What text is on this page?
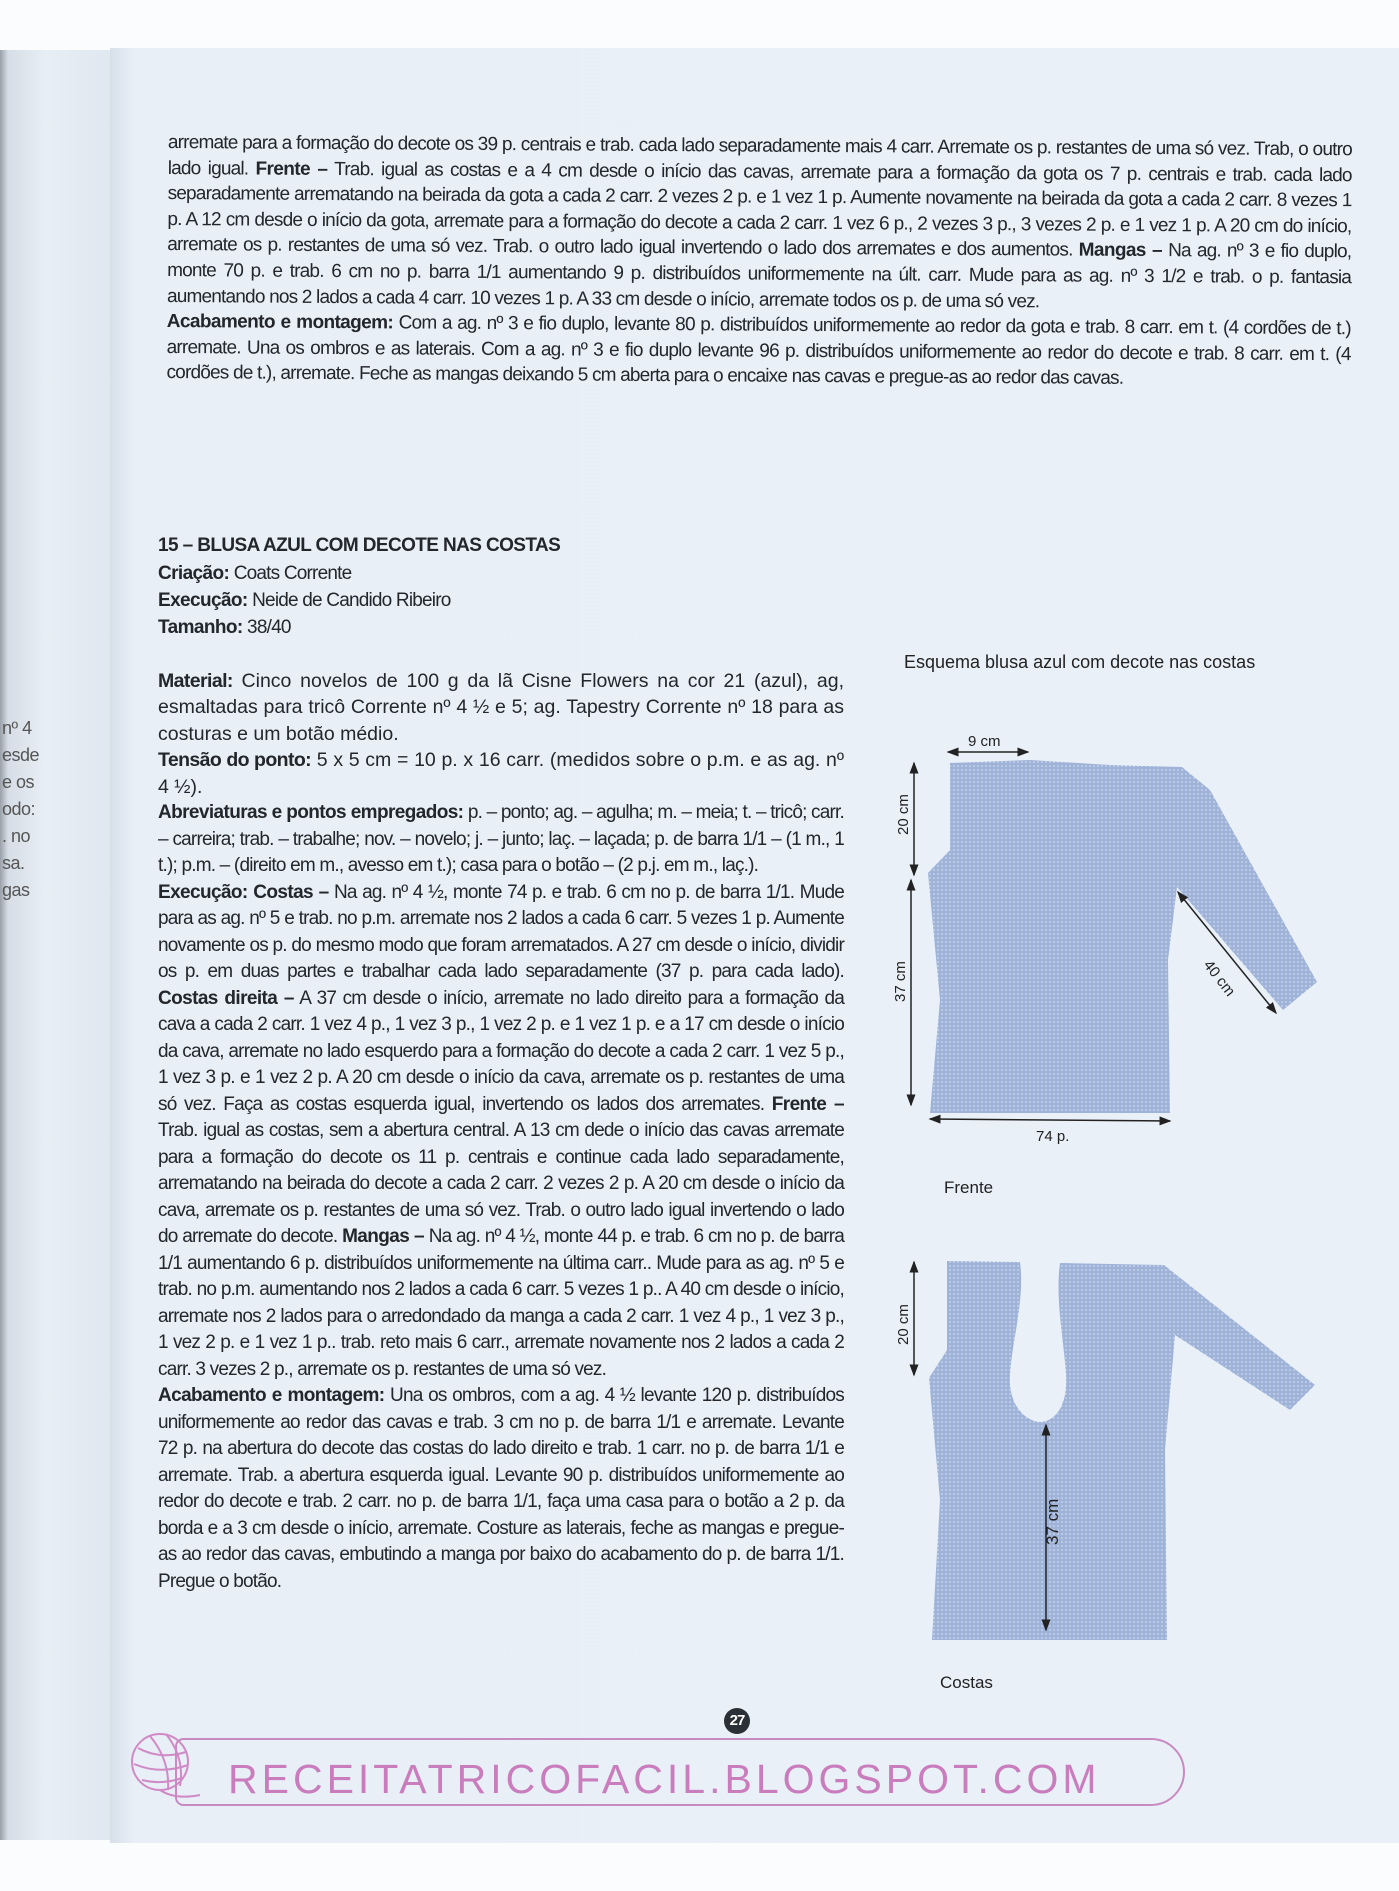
nº 4
esde
e os
odo:
. no
sa.
gas

arremate para a formação do decote os 39 p. centrais e trab. cada lado separadamente mais 4 carr. Arremate os p. restantes de uma só vez. Trab, o outro lado igual. Frente – Trab. igual as costas e a 4 cm desde o início das cavas, arremate para a formação da gota os 7 p. centrais e trab. cada lado separadamente arrematando na beirada da gota a cada 2 carr. 2 vezes 2 p. e 1 vez 1 p. Aumente novamente na beirada da gota a cada 2 carr. 8 vezes 1 p. A 12 cm desde o início da gota, arremate para a formação do decote a cada 2 carr. 1 vez 6 p., 2 vezes 3 p., 3 vezes 2 p. e 1 vez 1 p. A 20 cm do início, arremate os p. restantes de uma só vez. Trab. o outro lado igual invertendo o lado dos arremates e dos aumentos. Mangas – Na ag. nº 3 e fio duplo, monte 70 p. e trab. 6 cm no p. barra 1/1 aumentando 9 p. distribuídos uniformemente na últ. carr. Mude para as ag. nº 3 1/2 e trab. o p. fantasia aumentando nos 2 lados a cada 4 carr. 10 vezes 1 p. A 33 cm desde o início, arremate todos os p. de uma só vez.

Acabamento e montagem: Com a ag. nº 3 e fio duplo, levante 80 p. distribuídos uniformemente ao redor da gota e trab. 8 carr. em t. (4 cordões de t.) arremate. Una os ombros e as laterais. Com a ag. nº 3 e fio duplo levante 96 p. distribuídos uniformemente ao redor do decote e trab. 8 carr. em t. (4 cordões de t.), arremate. Feche as mangas deixando 5 cm aberta para o encaixe nas cavas e pregue-as ao redor das cavas.

15 – BLUSA AZUL COM DECOTE NAS COSTAS
Criação: Coats Corrente
Execução: Neide de Candido Ribeiro
Tamanho: 38/40

Material: Cinco novelos de 100 g da lã Cisne Flowers na cor 21 (azul), ag, esmaltadas para tricô Corrente nº 4 ½ e 5; ag. Tapestry Corrente nº 18 para as costuras e um botão médio.

Tensão do ponto: 5 x 5 cm = 10 p. x 16 carr. (medidos sobre o p.m. e as ag. nº 4 ½).

Abreviaturas e pontos empregados: p. – ponto; ag. – agulha; m. – meia; t. – tricô; carr. – carreira; trab. – trabalhe; nov. – novelo; j. – junto; laç. – laçada; p. de barra 1/1 – (1 m., 1 t.); p.m. – (direito em m., avesso em t.); casa para o botão – (2 p.j. em m., laç.).

Execução: Costas – Na ag. nº 4 ½, monte 74 p. e trab. 6 cm no p. de barra 1/1. Mude para as ag. nº 5 e trab. no p.m. arremate nos 2 lados a cada 6 carr. 5 vezes 1 p. Aumente novamente os p. do mesmo modo que foram arrematados. A 27 cm desde o início, dividir os p. em duas partes e trabalhar cada lado separadamente (37 p. para cada lado). Costas direita – A 37 cm desde o início, arremate no lado direito para a formação da cava a cada 2 carr. 1 vez 4 p., 1 vez 3 p., 1 vez 2 p. e 1 vez 1 p. e a 17 cm desde o início da cava, arremate no lado esquerdo para a formação do decote a cada 2 carr. 1 vez 5 p., 1 vez 3 p. e 1 vez 2 p. A 20 cm desde o início da cava, arremate os p. restantes de uma só vez. Faça as costas esquerda igual, invertendo os lados dos arremates. Frente – Trab. igual as costas, sem a abertura central. A 13 cm dede o início das cavas arremate para a formação do decote os 11 p. centrais e continue cada lado separadamente, arrematando na beirada do decote a cada 2 carr. 2 vezes 2 p. A 20 cm desde o início da cava, arremate os p. restantes de uma só vez. Trab. o outro lado igual invertendo o lado do arremate do decote. Mangas – Na ag. nº 4 ½, monte 44 p. e trab. 6 cm no p. de barra 1/1 aumentando 6 p. distribuídos uniformemente na última carr.. Mude para as ag. nº 5 e trab. no p.m. aumentando nos 2 lados a cada 6 carr. 5 vezes 1 p.. A 40 cm desde o início, arremate nos 2 lados para o arredondado da manga a cada 2 carr. 1 vez 4 p., 1 vez 3 p., 1 vez 2 p. e 1 vez 1 p.. trab. reto mais 6 carr., arremate novamente nos 2 lados a cada 2 carr. 3 vezes 2 p., arremate os p. restantes de uma só vez.

Acabamento e montagem: Una os ombros, com a ag. 4 ½ levante 120 p. distribuídos uniformemente ao redor das cavas e trab. 3 cm no p. de barra 1/1 e arremate. Levante 72 p. na abertura do decote das costas do lado direito e trab. 1 carr. no p. de barra 1/1 e arremate. Trab. a abertura esquerda igual. Levante 90 p. distribuídos uniformemente ao redor do decote e trab. 2 carr. no p. de barra 1/1, faça uma casa para o botão a 2 p. da borda e a 3 cm desde o início, arremate. Costure as laterais, feche as mangas e pregue-as ao redor das cavas, embutindo a manga por baixo do acabamento do p. de barra 1/1. Pregue o botão.

Esquema blusa azul com decote nas costas
9 cm
20 cm
37 cm	40 cm
74 p.
20 cm
37 cm
Frente
Costas
RECEITATRICOFACIL.BLOGSPOT.COM
27
